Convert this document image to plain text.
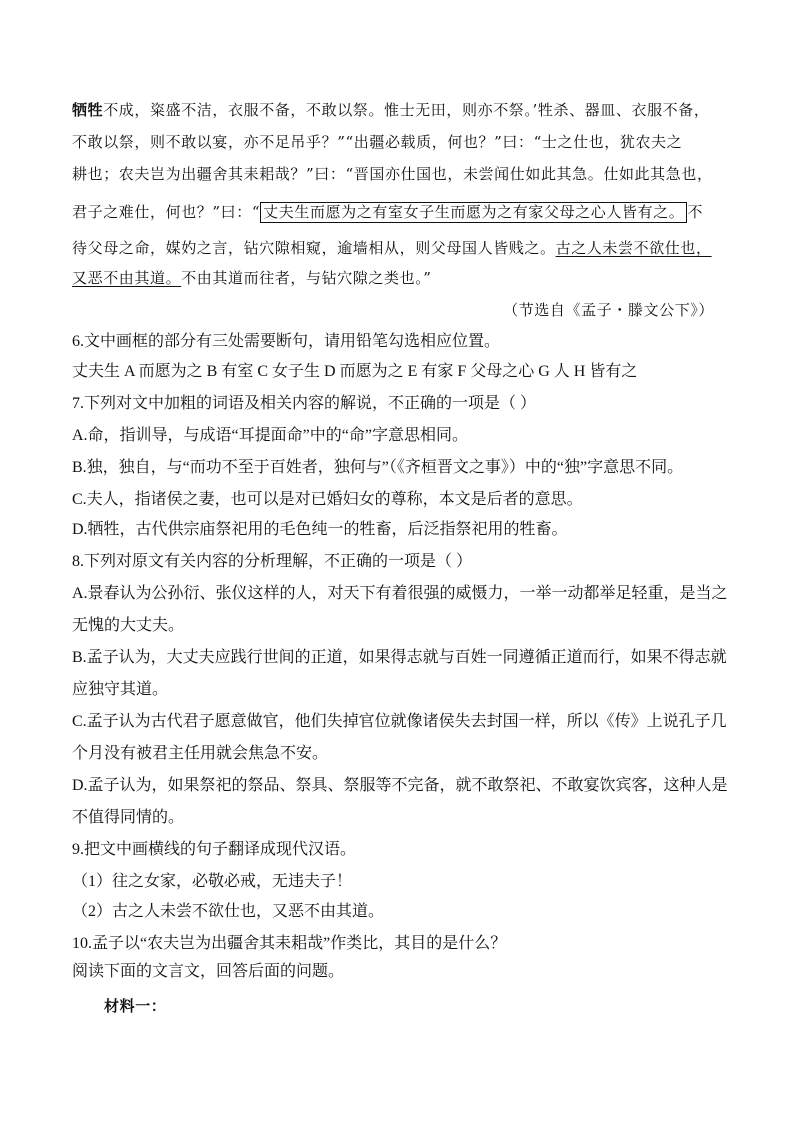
牺牲不成，粢盛不洁，衣服不备，不敢以祭。惟士无田，则亦不祭。’牲杀、器皿、衣服不备，
不敢以祭，则不敢以宴，亦不足吊乎？”“出疆必载质，何也？”曰：“士之仕也，犹农夫之
耕也；农夫岂为出疆舍其耒耜哉？”曰：“晋国亦仕国也，未尝闻仕如此其急。仕如此其急也，
君子之难仕，何也？”曰：“ 丈夫生而愿为之有室女子生而愿为之有家父母之心人皆有之。 不
待父母之命，媒妁之言，钻穴隙相窥，逾墙相从，则父母国人皆贱之。古之人未尝不欲仕也，
又恶不由其道。不由其道而往者，与钻穴隙之类也。”
（节选自《孟子・滕文公下》）
6.文中画框的部分有三处需要断句，请用铅笔勾选相应位置。
丈夫生 A 而愿为之 B 有室 C 女子生 D 而愿为之 E 有家 F 父母之心 G 人 H 皆有之
7.下列对文中加粗的词语及相关内容的解说，不正确的一项是（ ）
A.命，指训导，与成语“耳提面命”中的“命”字意思相同。
B.独，独自，与“而功不至于百姓者，独何与”（《齐桓晋文之事》）中的“独”字意思不同。
C.夫人，指诸侯之妻，也可以是对已婚妇女的尊称，本文是后者的意思。
D.牺牲，古代供宗庙祭祀用的毛色纯一的牲畜，后泛指祭祀用的牲畜。
8.下列对原文有关内容的分析理解，不正确的一项是（ ）
A.景春认为公孙衍、张仪这样的人，对天下有着很强的威慑力，一举一动都举足轻重，是当之
无愧的大丈夫。
B.孟子认为，大丈夫应践行世间的正道，如果得志就与百姓一同遵循正道而行，如果不得志就
应独守其道。
C.孟子认为古代君子愿意做官，他们失掉官位就像诸侯失去封国一样，所以《传》上说孔子几
个月没有被君主任用就会焦急不安。
D.孟子认为，如果祭祀的祭品、祭具、祭服等不完备，就不敢祭祀、不敢宴饮宾客，这种人是
不值得同情的。
9.把文中画横线的句子翻译成现代汉语。
（1）往之女家，必敬必戒，无违夫子！
（2）古之人未尝不欲仕也，又恶不由其道。
10.孟子以“农夫岂为出疆舍其耒耜哉”作类比，其目的是什么？
阅读下面的文言文，回答后面的问题。
材料一：
